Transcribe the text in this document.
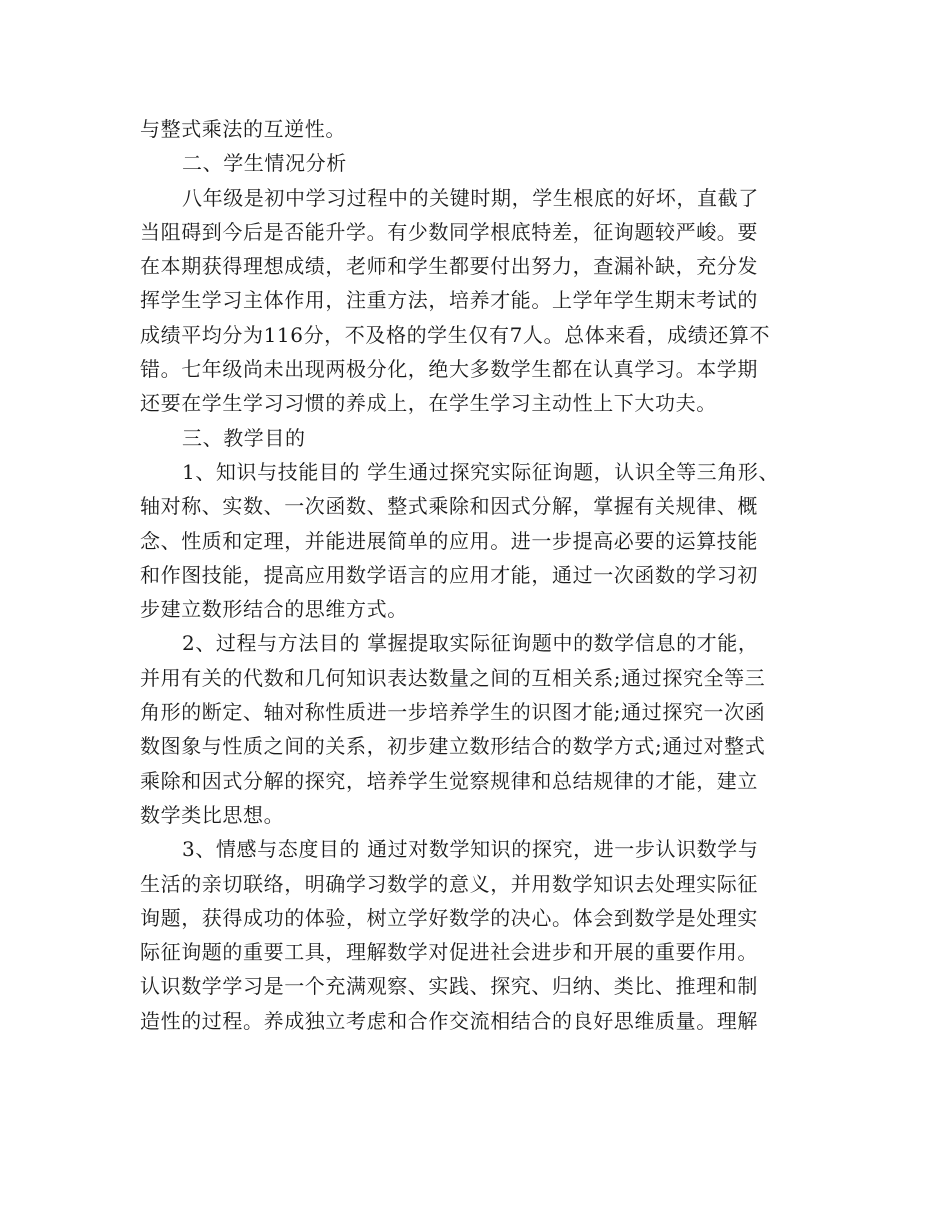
与整式乘法的互逆性。
二、学生情况分析
八年级是初中学习过程中的关键时期，学生根底的好坏，直截了
当阻碍到今后是否能升学。有少数同学根底特差，征询题较严峻。要
在本期获得理想成绩，老师和学生都要付出努力，查漏补缺，充分发
挥学生学习主体作用，注重方法，培养才能。上学年学生期末考试的
成绩平均分为116分，不及格的学生仅有7人。总体来看，成绩还算不
错。七年级尚未出现两极分化，绝大多数学生都在认真学习。本学期
还要在学生学习习惯的养成上，在学生学习主动性上下大功夫。
三、教学目的
1、知识与技能目的 学生通过探究实际征询题，认识全等三角形、
轴对称、实数、一次函数、整式乘除和因式分解，掌握有关规律、概
念、性质和定理，并能进展简单的应用。进一步提高必要的运算技能
和作图技能，提高应用数学语言的应用才能，通过一次函数的学习初
步建立数形结合的思维方式。
2、过程与方法目的 掌握提取实际征询题中的数学信息的才能，
并用有关的代数和几何知识表达数量之间的互相关系;通过探究全等三
角形的断定、轴对称性质进一步培养学生的识图才能;通过探究一次函
数图象与性质之间的关系，初步建立数形结合的数学方式;通过对整式
乘除和因式分解的探究，培养学生觉察规律和总结规律的才能，建立
数学类比思想。
3、情感与态度目的 通过对数学知识的探究，进一步认识数学与
生活的亲切联络，明确学习数学的意义，并用数学知识去处理实际征
询题，获得成功的体验，树立学好数学的决心。体会到数学是处理实
际征询题的重要工具，理解数学对促进社会进步和开展的重要作用。
认识数学学习是一个充满观察、实践、探究、归纳、类比、推理和制
造性的过程。养成独立考虑和合作交流相结合的良好思维质量。理解
